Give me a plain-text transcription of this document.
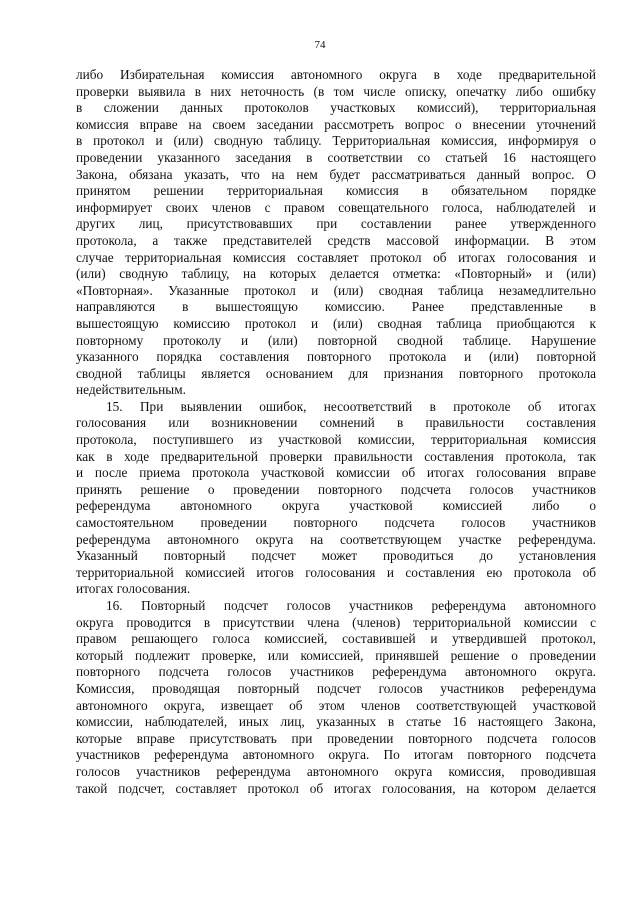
74

либо Избирательная комиссия автономного округа в ходе предварительной
проверки выявила в них неточность (в том числе описку, опечатку либо ошибку
в сложении данных протоколов участковых комиссий), территориальная
комиссия вправе на своем заседании рассмотреть вопрос о внесении уточнений
в протокол и (или) сводную таблицу. Территориальная комиссия, информируя о
проведении указанного заседания в соответствии со статьей 16 настоящего
Закона, обязана указать, что на нем будет рассматриваться данный вопрос. О
принятом решении территориальная комиссия в обязательном порядке
информирует своих членов с правом совещательного голоса, наблюдателей и
других лиц, присутствовавших при составлении ранее утвержденного
протокола, а также представителей средств массовой информации. В этом
случае территориальная комиссия составляет протокол об итогах голосования и
(или) сводную таблицу, на которых делается отметка: «Повторный» и (или)
«Повторная». Указанные протокол и (или) сводная таблица незамедлительно
направляются в вышестоящую комиссию. Ранее представленные в
вышестоящую комиссию протокол и (или) сводная таблица приобщаются к
повторному протоколу и (или) повторной сводной таблице. Нарушение
указанного порядка составления повторного протокола и (или) повторной
сводной таблицы является основанием для признания повторного протокола
недействительным.

15. При выявлении ошибок, несоответствий в протоколе об итогах
голосования или возникновении сомнений в правильности составления
протокола, поступившего из участковой комиссии, территориальная комиссия
как в ходе предварительной проверки правильности составления протокола, так
и после приема протокола участковой комиссии об итогах голосования вправе
принять решение о проведении повторного подсчета голосов участников
референдума автономного округа участковой комиссией либо о
самостоятельном проведении повторного подсчета голосов участников
референдума автономного округа на соответствующем участке референдума.
Указанный повторный подсчет может проводиться до установления
территориальной комиссией итогов голосования и составления ею протокола об
итогах голосования.

16. Повторный подсчет голосов участников референдума автономного
округа проводится в присутствии члена (членов) территориальной комиссии с
правом решающего голоса комиссией, составившей и утвердившей протокол,
который подлежит проверке, или комиссией, принявшей решение о проведении
повторного подсчета голосов участников референдума автономного округа.
Комиссия, проводящая повторный подсчет голосов участников референдума
автономного округа, извещает об этом членов соответствующей участковой
комиссии, наблюдателей, иных лиц, указанных в статье 16 настоящего Закона,
которые вправе присутствовать при проведении повторного подсчета голосов
участников референдума автономного округа. По итогам повторного подсчета
голосов участников референдума автономного округа комиссия, проводившая
такой подсчет, составляет протокол об итогах голосования, на котором делается
